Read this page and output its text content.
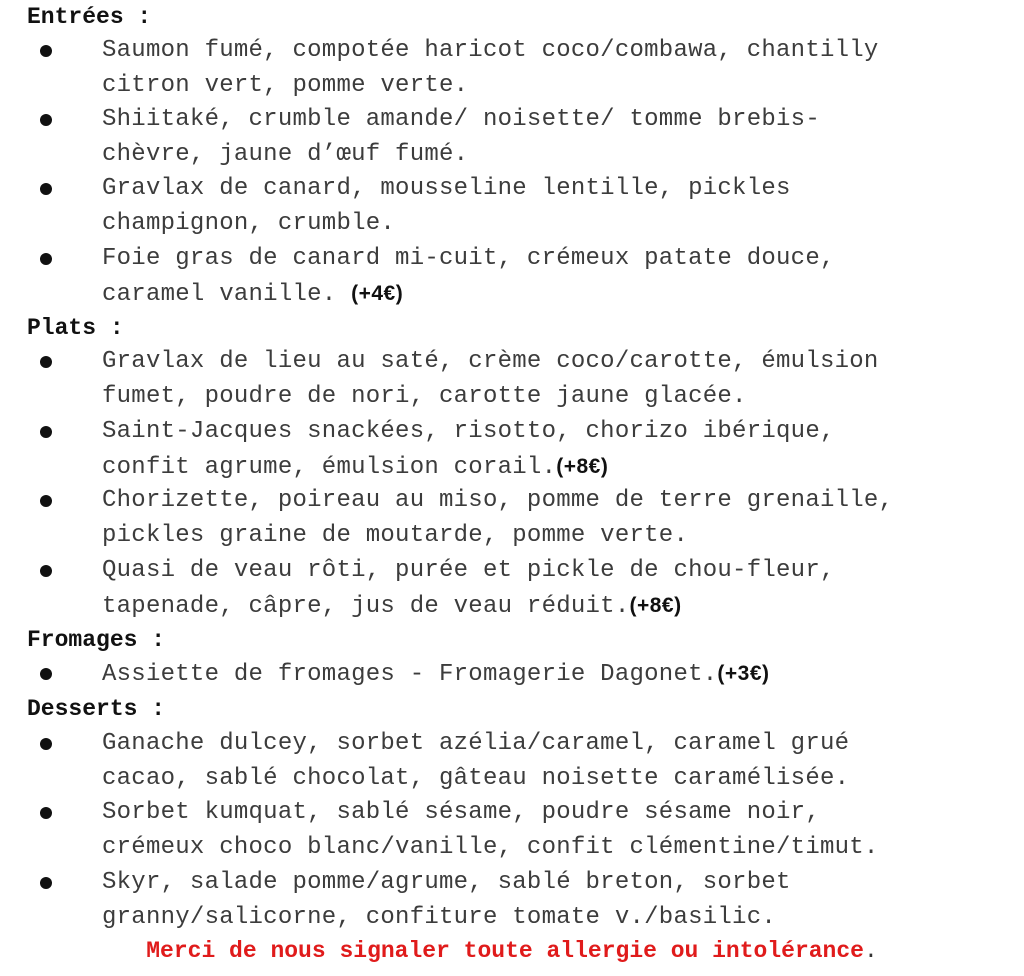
Entrées :
Saumon fumé, compotée haricot coco/combawa, chantilly
citron vert, pomme verte.
Shiitaké, crumble amande/ noisette/ tomme brebis-
chèvre, jaune d’œuf fumé.
Gravlax de canard, mousseline lentille, pickles
champignon, crumble.
Foie gras de canard mi-cuit, crémeux patate douce,
caramel vanille. (+4€)
Plats :
Gravlax de lieu au saté, crème coco/carotte, émulsion
fumet, poudre de nori, carotte jaune glacée.
Saint-Jacques snackées, risotto, chorizo ibérique,
confit agrume, émulsion corail.(+8€)
Chorizette, poireau au miso, pomme de terre grenaille,
pickles graine de moutarde, pomme verte.
Quasi de veau rôti, purée et pickle de chou-fleur,
tapenade, câpre, jus de veau réduit.(+8€)
Fromages :
Assiette de fromages - Fromagerie Dagonet.(+3€)
Desserts :
Ganache dulcey, sorbet azélia/caramel, caramel grué
cacao, sablé chocolat, gâteau noisette caramélisée.
Sorbet kumquat, sablé sésame, poudre sésame noir,
crémeux choco blanc/vanille, confit clémentine/timut.
Skyr, salade pomme/agrume, sablé breton, sorbet
granny/salicorne, confiture tomate v./basilic.
Merci de nous signaler toute allergie ou intolérance.
